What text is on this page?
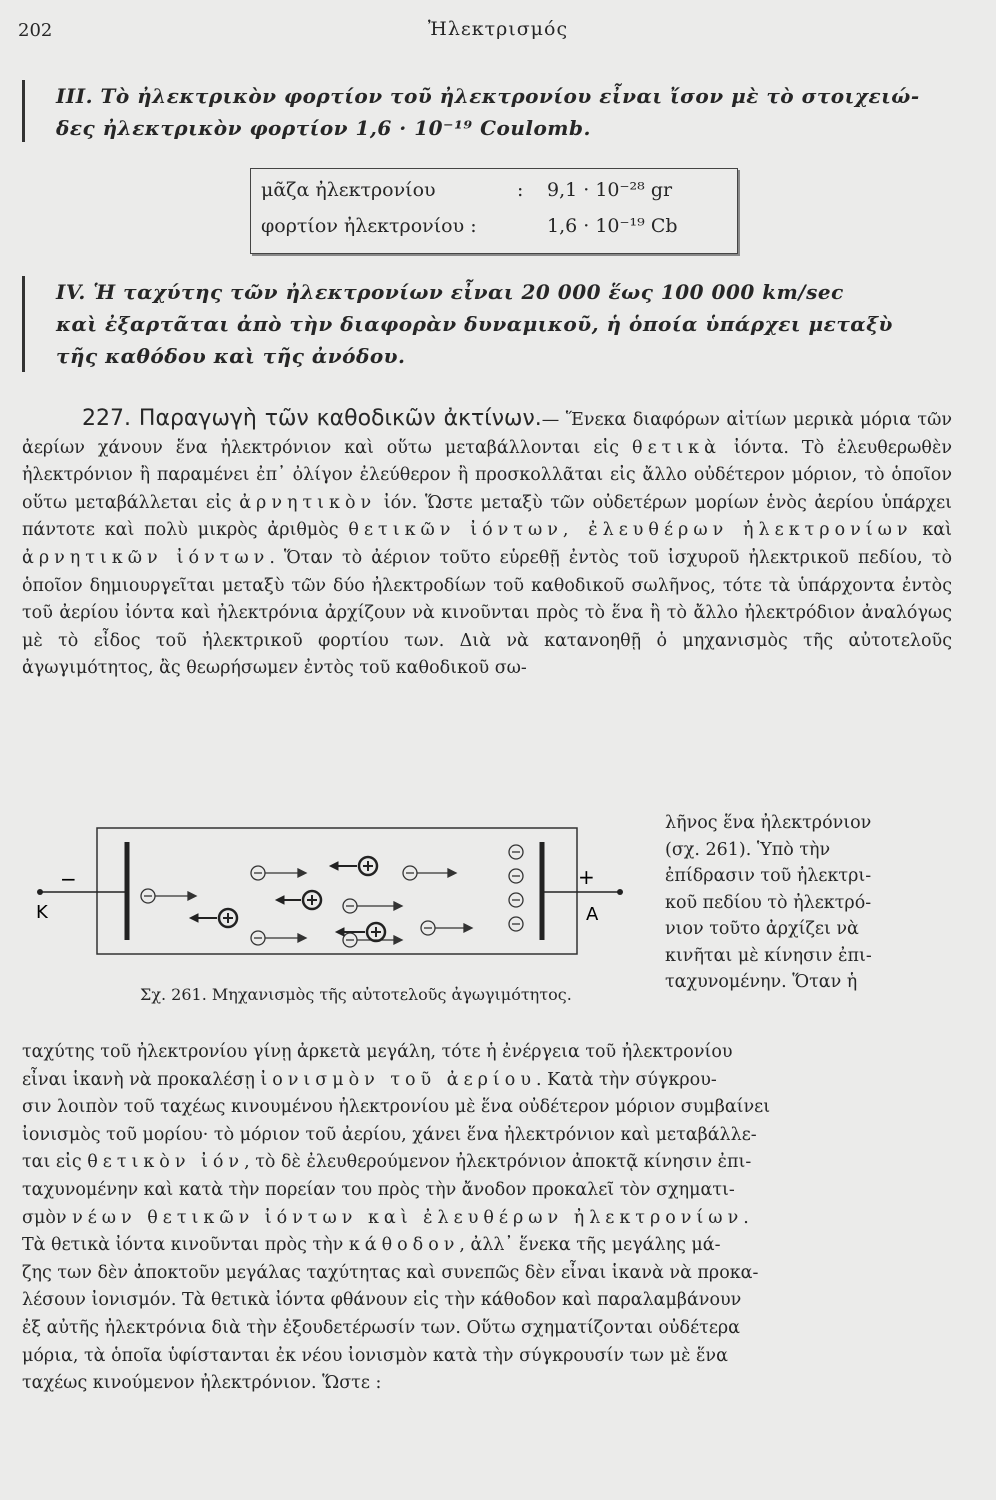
202	Ἠλεκτρισμός
ΙΙΙ. Τὸ ἠλεκτρικὸν φορτίον τοῦ ἠλεκτρονίου εἶναι ἴσον μὲ τὸ στοιχειώ-
δες ἠλεκτρικὸν φορτίον 1,6 · 10⁻¹⁹ Coulomb.
μᾶζα ἠλεκτρονίου	: 9,1 · 10⁻²⁸ gr
φορτίον ἠλεκτρονίου :	1,6 · 10⁻¹⁹ Cb
IV. Ἡ ταχύτης τῶν ἠλεκτρονίων εἶναι 20 000 ἕως 100 000 km/sec
καὶ ἐξαρτᾶται ἀπὸ τὴν διαφορὰν δυναμικοῦ, ἡ ὁποία ὑπάρχει μεταξὺ
τῆς καθόδου καὶ τῆς ἀνόδου.

227. Παραγωγὴ τῶν καθοδικῶν ἀκτίνων.— Ἕνεκα διαφόρων αἰτίων μερικὰ μόρια τῶν ἀερίων χάνουν ἕνα ἠλεκτρόνιον καὶ οὕτω μεταβάλλονται εἰς θετικὰ ἰόντα. Τὸ ἐλευθερωθὲν ἠλεκτρόνιον ἢ παραμένει ἐπ᾽ ὀλίγον ἐλεύθερον ἢ προσκολλᾶται εἰς ἄλλο οὐδέτερον μόριον, τὸ ὁποῖον οὕτω μεταβάλλεται εἰς ἀρνητικὸν ἰόν. Ὥστε μεταξὺ τῶν οὐδετέρων μορίων ἑνὸς ἀερίου ὑπάρχει πάντοτε καὶ πολὺ μικρὸς ἀριθμὸς θετικῶν ἰόντων, ἐλευθέρων ἠλεκτρονίων καὶ ἀρνητικῶν ἰόντων. Ὅταν τὸ ἀέριον τοῦτο εὑρεθῇ ἐντὸς τοῦ ἰσχυροῦ ἠλεκτρικοῦ πεδίου, τὸ ὁποῖον δημιουργεῖται μεταξὺ τῶν δύο ἠλεκτροδίων τοῦ καθοδικοῦ σωλῆνος, τότε τὰ ὑπάρχοντα ἐντὸς τοῦ ἀερίου ἰόντα καὶ ἠλεκτρόνια ἀρχίζουν νὰ κινοῦνται πρὸς τὸ ἕνα ἢ τὸ ἄλλο ἠλεκτρόδιον ἀναλόγως μὲ τὸ εἶδος τοῦ ἠλεκτρικοῦ φορτίου των. Διὰ νὰ κατανοηθῇ ὁ μηχανισμὸς τῆς αὐτοτελοῦς ἀγωγιμότητος, ἂς θεωρήσωμεν ἐντὸς τοῦ καθοδικοῦ σω-

−
K
+
A
Σχ. 261. Μηχανισμὸς τῆς αὐτοτελοῦς ἀγωγιμότητος.
λῆνος ἕνα ἠλεκτρόνιον
(σχ. 261). Ὑπὸ τὴν
ἐπίδρασιν τοῦ ἠλεκτρι-
κοῦ πεδίου τὸ ἠλεκτρό-
νιον τοῦτο ἀρχίζει νὰ
κινῆται μὲ κίνησιν ἐπι-
ταχυνομένην. Ὅταν ἡ
ταχύτης τοῦ ἠλεκτρονίου γίνῃ ἀρκετὰ μεγάλη, τότε ἡ ἐνέργεια τοῦ ἠλεκτρονίου
εἶναι ἱκανὴ νὰ προκαλέσῃ ἰονισμὸν τοῦ ἀερίου. Κατὰ τὴν σύγκρου-
σιν λοιπὸν τοῦ ταχέως κινουμένου ἠλεκτρονίου μὲ ἕνα οὐδέτερον μόριον συμβαίνει
ἰονισμὸς τοῦ μορίου· τὸ μόριον τοῦ ἀερίου, χάνει ἕνα ἠλεκτρόνιον καὶ μεταβάλλε-
ται εἰς θετικὸν ἰόν, τὸ δὲ ἐλευθερούμενον ἠλεκτρόνιον ἀποκτᾷ κίνησιν ἐπι-
ταχυνομένην καὶ κατὰ τὴν πορείαν του πρὸς τὴν ἄνοδον προκαλεῖ τὸν σχηματι-
σμὸν νέων θετικῶν ἰόντων καὶ ἐλευθέρων ἠλεκτρονίων.
Τὰ θετικὰ ἰόντα κινοῦνται πρὸς τὴν κάθοδον, ἀλλ᾽ ἕνεκα τῆς μεγάλης μά-
ζης των δὲν ἀποκτοῦν μεγάλας ταχύτητας καὶ συνεπῶς δὲν εἶναι ἱκανὰ νὰ προκα-
λέσουν ἰονισμόν. Τὰ θετικὰ ἰόντα φθάνουν εἰς τὴν κάθοδον καὶ παραλαμβάνουν
ἐξ αὐτῆς ἠλεκτρόνια διὰ τὴν ἐξουδετέρωσίν των. Οὕτω σχηματίζονται οὐδέτερα
μόρια, τὰ ὁποῖα ὑφίστανται ἐκ νέου ἰονισμὸν κατὰ τὴν σύγκρουσίν των μὲ ἕνα
ταχέως κινούμενον ἠλεκτρόνιον. Ὥστε :
